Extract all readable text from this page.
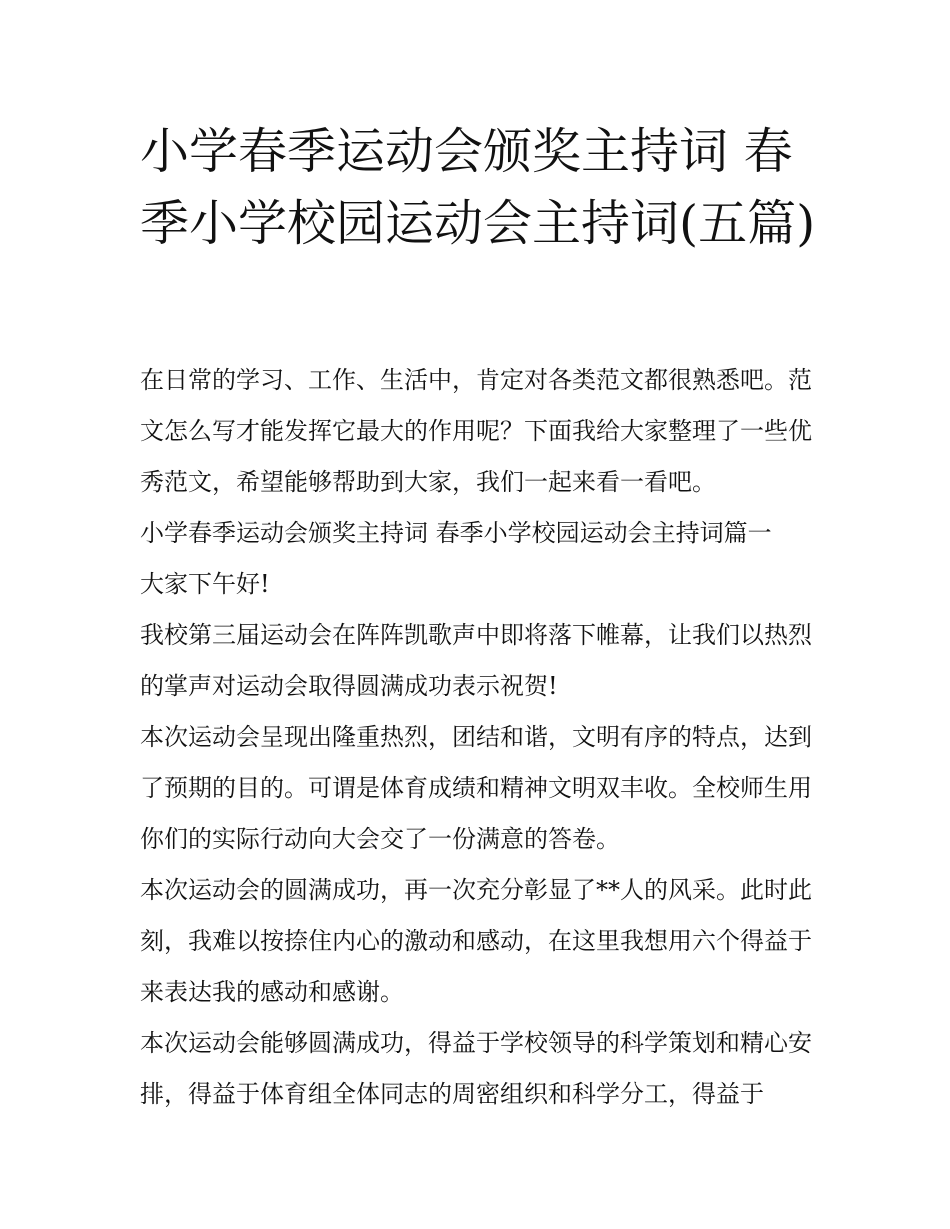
小学春季运动会颁奖主持词 春季小学校园运动会主持词(五篇)

在日常的学习、工作、生活中，肯定对各类范文都很熟悉吧。范文怎么写才能发挥它最大的作用呢？下面我给大家整理了一些优秀范文，希望能够帮助到大家，我们一起来看一看吧。

小学春季运动会颁奖主持词 春季小学校园运动会主持词篇一

大家下午好!

我校第三届运动会在阵阵凯歌声中即将落下帷幕，让我们以热烈的掌声对运动会取得圆满成功表示祝贺!

本次运动会呈现出隆重热烈，团结和谐，文明有序的特点，达到了预期的目的。可谓是体育成绩和精神文明双丰收。全校师生用你们的实际行动向大会交了一份满意的答卷。

本次运动会的圆满成功，再一次充分彰显了**人的风采。此时此刻，我难以按捺住内心的激动和感动，在这里我想用六个得益于来表达我的感动和感谢。

本次运动会能够圆满成功，得益于学校领导的科学策划和精心安排，得益于体育组全体同志的周密组织和科学分工，得益于
